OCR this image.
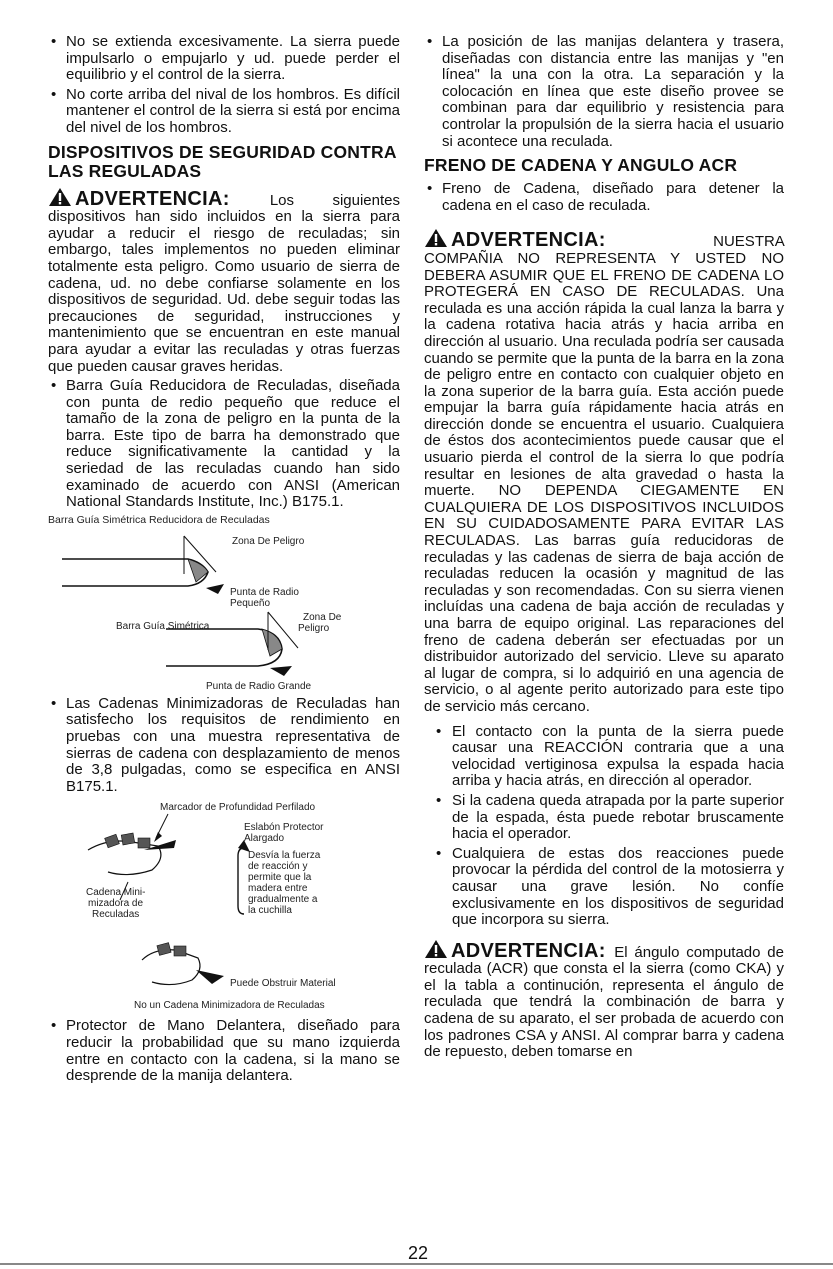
• No se extienda excesivamente. La sierra puede impulsarlo o empujarlo y ud. puede perder el equilibrio y el control de la sierra.
• No corte arriba del nival de los hombros. Es difícil mantener el control de la sierra si está por encima del nivel de los hombros.
DISPOSITIVOS DE SEGURIDAD CONTRA LAS REGULADAS

ADVERTENCIA:	Los siguientes dispositivos han sido incluidos en la sierra para ayudar a reducir el riesgo de reculadas; sin embargo, tales implementos no pueden eliminar totalmente esta peligro. Como usuario de sierra de cadena, ud. no debe confiarse solamente en los dispositivos de seguridad. Ud. debe seguir todas las precauciones de seguridad, instrucciones y mantenimiento que se encuentran en este manual para ayudar a evitar las reculadas y otras fuerzas que pueden causar graves heridas.

• Barra Guía Reducidora de Reculadas, diseñada con punta de redio pequeño que reduce el tamaño de la zona de peligro en la punta de la barra. Este tipo de barra ha demonstrado que reduce significativamente la cantidad y la seriedad de las reculadas cuando han sido examinado de acuerdo con ANSI (American National Standards Institute, Inc.) B175.1.
Barra Guía Simétrica Reducidora de Reculadas
Zona De Peligro
Punta de Radio
Pequeño
Barra Guía Simétrica
Zona De
Peligro
Punta de Radio Grande
• Las Cadenas Minimizadoras de Reculadas han satisfecho los requisitos de rendimiento en pruebas con una muestra representativa de sierras de cadena con desplazamiento de menos de 3,8 pulgadas, como se especifica en ANSI B175.1.
Marcador de Profundidad Perfilado
Eslabón Protector
Alargado
Desvía la fuerza
de reacción y
permite que la
madera entre
gradualmente a
la cuchilla
Cadena Mini-
mizadora de
Reculadas
Puede Obstruir Material
No un Cadena Minimizadora de Reculadas
• Protector de Mano Delantera, diseñado para reducir la probabilidad que su mano izquierda entre en contacto con la cadena, si la mano se desprende de la manija delantera.
• La posición de las manijas delantera y trasera, diseñadas con distancia entre las manijas y "en línea" la una con la otra. La separación y la colocación en línea que este diseño provee se combinan para dar equilibrio y resistencia para controlar la propulsión de la sierra hacia el usuario si acontece una reculada.
FRENO DE CADENA Y ANGULO ACR
• Freno de Cadena, diseñado para detener la cadena en el caso de reculada.

ADVERTENCIA:	NUESTRA COMPAÑIA NO REPRESENTA Y USTED NO DEBERA ASUMIR QUE EL FRENO DE CADENA LO PROTEGERÁ EN CASO DE RECULADAS. Una reculada es una acción rápida la cual lanza la barra y la cadena rotativa hacia atrás y hacia arriba en dirección al usuario. Una reculada podría ser causada cuando se permite que la punta de la barra en la zona de peligro entre en contacto con cualquier objeto en la zona superior de la barra guía. Esta acción puede empujar la barra guía rápidamente hacia atrás en dirección donde se encuentra el usuario. Cualquiera de éstos dos acontecimientos puede causar que el usuario pierda el control de la sierra lo que podría resultar en lesiones de alta gravedad o hasta la muerte. NO DEPENDA CIEGAMENTE EN CUALQUIERA DE LOS DISPOSITIVOS INCLUIDOS EN SU CUIDADOSAMENTE PARA EVITAR LAS RECULADAS. Las barras guía reducidoras de reculadas y las cadenas de sierra de baja acción de reculadas reducen la ocasión y magnitud de las reculadas y son recomendadas. Con su sierra vienen incluídas una cadena de baja acción de reculadas y una barra de equipo original. Las reparaciones del freno de cadena deberán ser efectuadas por un distribuidor autorizado del servicio. Lleve su aparato al lugar de compra, si lo adquirió en una agencia de servicio, o al agente perito autorizado para este tipo de servicio más cercano.

• El contacto con la punta de la sierra puede causar una REACCIÓN contraria que a una velocidad vertiginosa expulsa la espada hacia arriba y hacia atrás, en dirección al operador.
• Si la cadena queda atrapada por la parte superior de la espada, ésta puede rebotar bruscamente hacia el operador.
• Cualquiera de estas dos reacciones puede provocar la pérdida del control de la motosierra y causar una grave lesión. No confíe exclusivamente en los dispositivos de seguridad que incorpora su sierra.

ADVERTENCIA: El ángulo computado de reculada (ACR) que consta el la sierra (como CKA) y el la tabla a continución, representa el ángulo de reculada que tendrá la combinación de barra y cadena de su aparato, el ser probada de acuerdo con los padrones CSA y ANSI. Al comprar barra y cadena de repuesto, deben tomarse en

22
